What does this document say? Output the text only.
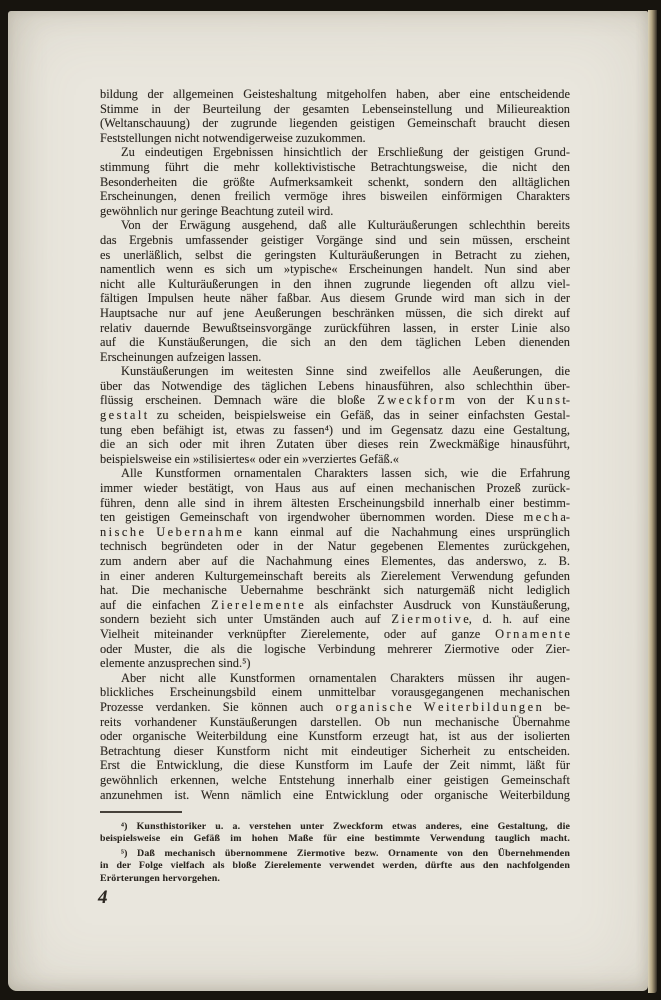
bildung der allgemeinen Geisteshaltung mitgeholfen haben, aber eine entscheidende
Stimme in der Beurteilung der gesamten Lebenseinstellung und Milieureaktion
(Weltanschauung) der zugrunde liegenden geistigen Gemeinschaft braucht diesen
Feststellungen nicht notwendigerweise zuzukommen.
Zu eindeutigen Ergebnissen hinsichtlich der Erschließung der geistigen Grund-
stimmung führt die mehr kollektivistische Betrachtungsweise, die nicht den
Besonderheiten die größte Aufmerksamkeit schenkt, sondern den alltäglichen
Erscheinungen, denen freilich vermöge ihres bisweilen einförmigen Charakters
gewöhnlich nur geringe Beachtung zuteil wird.
Von der Erwägung ausgehend, daß alle Kulturäußerungen schlechthin bereits
das Ergebnis umfassender geistiger Vorgänge sind und sein müssen, erscheint
es unerläßlich, selbst die geringsten Kulturäußerungen in Betracht zu ziehen,
namentlich wenn es sich um »typische« Erscheinungen handelt. Nun sind aber
nicht alle Kulturäußerungen in den ihnen zugrunde liegenden oft allzu viel-
fältigen Impulsen heute näher faßbar. Aus diesem Grunde wird man sich in der
Hauptsache nur auf jene Aeußerungen beschränken müssen, die sich direkt auf
relativ dauernde Bewußtseinsvorgänge zurückführen lassen, in erster Linie also
auf die Kunstäußerungen, die sich an den dem täglichen Leben dienenden
Erscheinungen aufzeigen lassen.
Kunstäußerungen im weitesten Sinne sind zweifellos alle Aeußerungen, die
über das Notwendige des täglichen Lebens hinausführen, also schlechthin über-
flüssig erscheinen. Demnach wäre die bloße Z w e c k f o r m von der K u n s t-
g e s t a l t zu scheiden, beispielsweise ein Gefäß, das in seiner einfachsten Gestal-
tung eben befähigt ist, etwas zu fassen⁴) und im Gegensatz dazu eine Gestaltung,
die an sich oder mit ihren Zutaten über dieses rein Zweckmäßige hinausführt,
beispielsweise ein »stilisiertes« oder ein »verziertes Gefäß.«
Alle Kunstformen ornamentalen Charakters lassen sich, wie die Erfahrung
immer wieder bestätigt, von Haus aus auf einen mechanischen Prozeß zurück-
führen, denn alle sind in ihrem ältesten Erscheinungsbild innerhalb einer bestimm-
ten geistigen Gemeinschaft von irgendwoher übernommen worden. Diese m e c h a-
n i s c h e U e b e r n a h m e kann einmal auf die Nachahmung eines ursprünglich
technisch begründeten oder in der Natur gegebenen Elementes zurückgehen,
zum andern aber auf die Nachahmung eines Elementes, das anderswo, z. B.
in einer anderen Kulturgemeinschaft bereits als Zierelement Verwendung gefunden
hat. Die mechanische Uebernahme beschränkt sich naturgemäß nicht lediglich
auf die einfachen Z i e r e l e m e n t e als einfachster Ausdruck von Kunstäußerung,
sondern bezieht sich unter Umständen auch auf Z i e r m o t i v e, d. h. auf eine
Vielheit miteinander verknüpfter Zierelemente, oder auf ganze O r n a m e n t e
oder Muster, die als die logische Verbindung mehrerer Ziermotive oder Zier-
elemente anzusprechen sind.⁵)
Aber nicht alle Kunstformen ornamentalen Charakters müssen ihr augen-
blickliches Erscheinungsbild einem unmittelbar vorausgegangenen mechanischen
Prozesse verdanken. Sie können auch o r g a n i s c h e W e i t e r b i l d u n g e n be-
reits vorhandener Kunstäußerungen darstellen. Ob nun mechanische Übernahme
oder organische Weiterbildung eine Kunstform erzeugt hat, ist aus der isolierten
Betrachtung dieser Kunstform nicht mit eindeutiger Sicherheit zu entscheiden.
Erst die Entwicklung, die diese Kunstform im Laufe der Zeit nimmt, läßt für
gewöhnlich erkennen, welche Entstehung innerhalb einer geistigen Gemeinschaft
anzunehmen ist. Wenn nämlich eine Entwicklung oder organische Weiterbildung
⁴) Kunsthistoriker u. a. verstehen unter Zweckform etwas anderes, eine Gestaltung, die
beispielsweise ein Gefäß im hohen Maße für eine bestimmte Verwendung tauglich macht.
⁵) Daß mechanisch übernommene Ziermotive bezw. Ornamente von den Übernehmenden
in der Folge vielfach als bloße Zierelemente verwendet werden, dürfte aus den nachfolgenden
Erörterungen hervorgehen.
4
